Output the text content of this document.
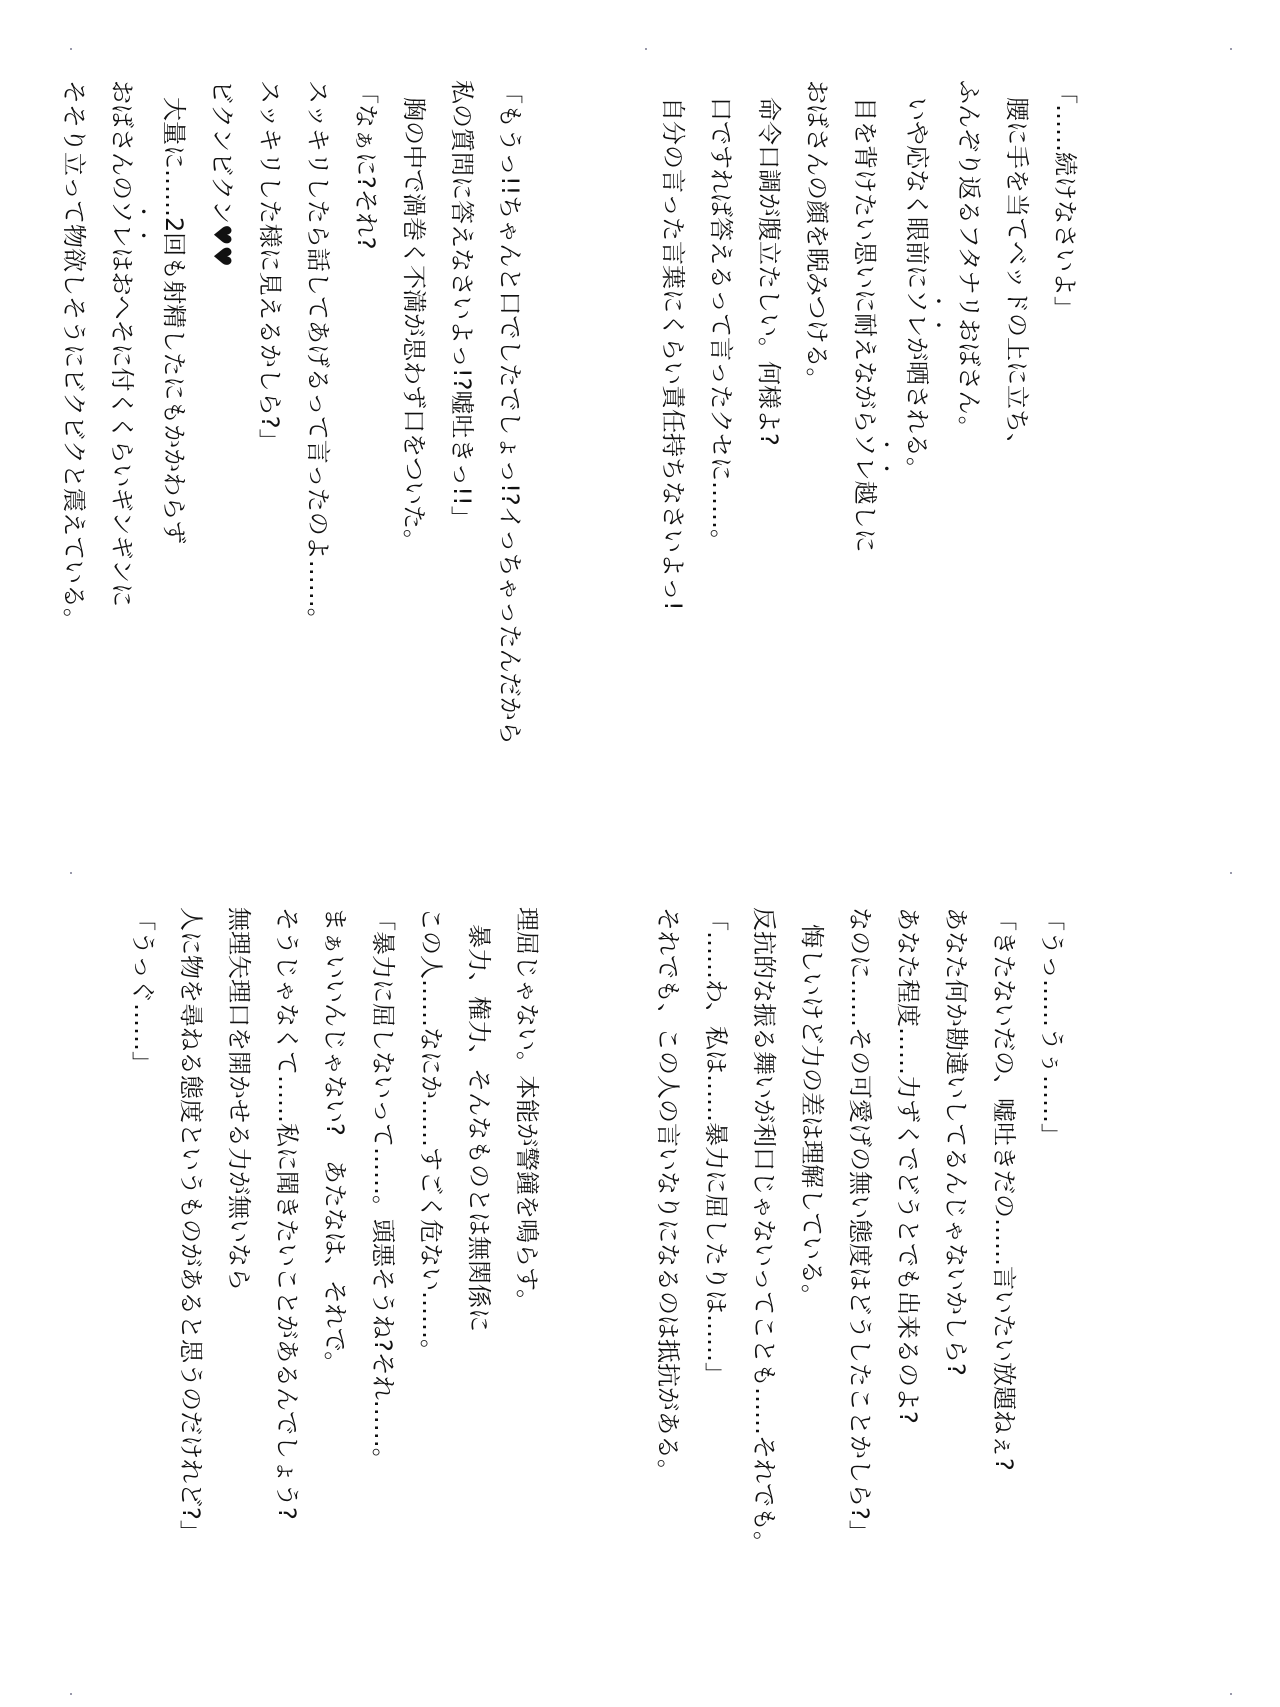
「……続けなさいよ」
腰に手を当てベッドの上に立ち、
ふんぞり返るフタナリおばさん。
いや応なく眼前にソレが晒される。
目を背けたい思いに耐えながらソレ越しに
おばさんの顔を睨みつける。
命令口調が腹立たしい。何様よ?
口ですれば答えるって言ったクセに……。
自分の言った言葉にくらい責任持ちなさいよっ!
「もうっ!!ちゃんと口でしたでしょっ!?イっちゃったんだから
私の質問に答えなさいよっ!?嘘吐きっ!!」
胸の中で渦巻く不満が思わず口をついた。
「なぁに?それ?
スッキリしたら話してあげるって言ったのよ……。
スッキリした様に見えるかしら?」
ビクンビクン♥♥
大量に……2回も射精したにもかかわらず
おばさんのソレはおへそに付くくらいギンギンに
そそり立って物欲しそうにビクビクと震えている。
「うっ……うぅ……」
「きたないだの、嘘吐きだの……言いたい放題ねぇ?
あなた何か勘違いしてるんじゃないかしら?
あなた程度……力ずくでどうとでも出来るのよ?
なのに……その可愛げの無い態度はどうしたことかしら?」
悔しいけど力の差は理解している。
反抗的な振る舞いが利口じゃないってことも……それでも。
「……わ、私は……暴力に屈したりは……」
それでも、この人の言いなりになるのは抵抗がある。
理屈じゃない。本能が警鐘を鳴らす。
暴力、権力、そんなものとは無関係に
この人……なにか……すごく危ない……。
「暴力に屈しないって……。頭悪そうね?それ……。
まぁいいんじゃない?　あたなは、それで。
そうじゃなくて……私に聞きたいことがあるんでしょう?
無理矢理口を開かせる力が無いなら
人に物を尋ねる態度というものがあると思うのだけれど?」
「うっぐ……」
